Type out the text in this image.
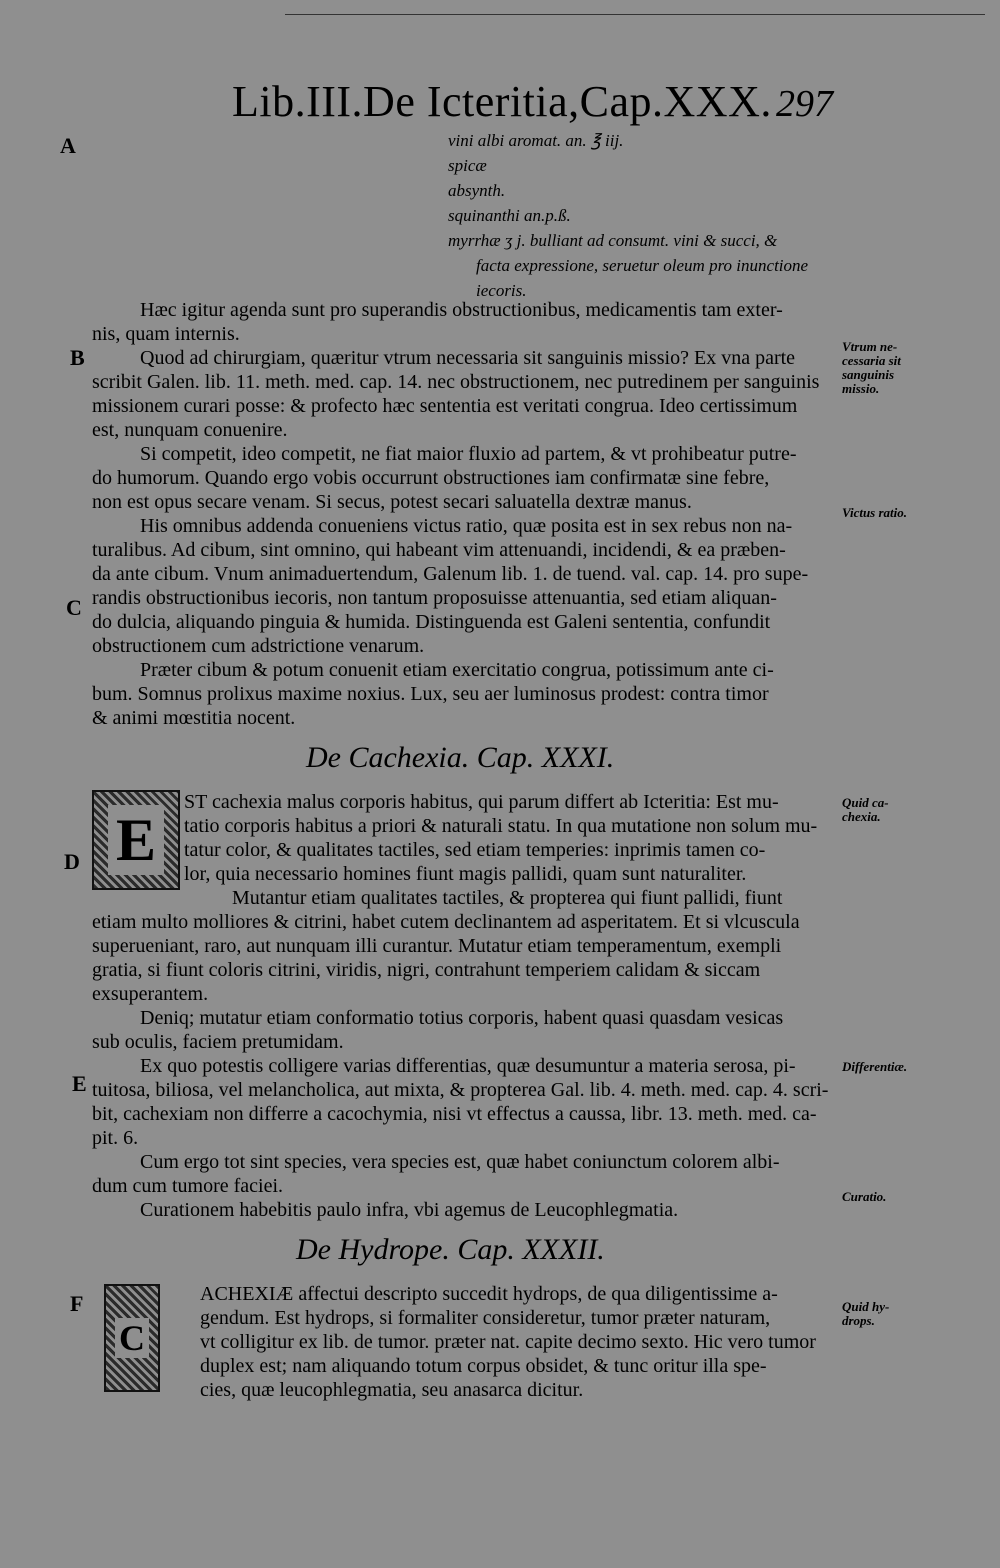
Lib.III.De Icteritia,Cap.XXX. 297
A
B
C
D
E
F
vini albi aromat. an. ℥ iij.
spicæ
absynth.
squinanthi an.p.ß.
myrrhæ ʒ j. bulliant ad consumt. vini & succi, &
facta expressione, seruetur oleum pro inunctione
iecoris.
Hæc igitur agenda sunt pro superandis obstructionibus, medicamentis tam exter-
nis, quam internis.
Quod ad chirurgiam, quæritur vtrum necessaria sit sanguinis missio? Ex vna parte
scribit Galen. lib. 11. meth. med. cap. 14. nec obstructionem, nec putredinem per sanguinis
missionem curari posse: & profecto hæc sententia est veritati congrua. Ideo certissimum
est, nunquam conuenire.
Si competit, ideo competit, ne fiat maior fluxio ad partem, & vt prohibeatur putre-
do humorum. Quando ergo vobis occurrunt obstructiones iam confirmatæ sine febre,
non est opus secare venam. Si secus, potest secari saluatella dextræ manus.
His omnibus addenda conueniens victus ratio, quæ posita est in sex rebus non na-
turalibus. Ad cibum, sint omnino, qui habeant vim attenuandi, incidendi, & ea præben-
da ante cibum. Vnum animaduertendum, Galenum lib. 1. de tuend. val. cap. 14. pro supe-
randis obstructionibus iecoris, non tantum proposuisse attenuantia, sed etiam aliquan-
do dulcia, aliquando pinguia & humida. Distinguenda est Galeni sententia, confundit
obstructionem cum adstrictione venarum.
Præter cibum & potum conuenit etiam exercitatio congrua, potissimum ante ci-
bum. Somnus prolixus maxime noxius. Lux, seu aer luminosus prodest: contra timor
& animi mœstitia nocent.
Vtrum ne-
cessaria sit
sanguinis
missio.
Victus ratio.
De Cachexia. Cap. XXXI.
E
ST cachexia malus corporis habitus, qui parum differt ab Icteritia: Est mu-
tatio corporis habitus a priori & naturali statu. In qua mutatione non solum mu-
tatur color, & qualitates tactiles, sed etiam temperies: inprimis tamen co-
lor, quia necessario homines fiunt magis pallidi, quam sunt naturaliter.
Mutantur etiam qualitates tactiles, & propterea qui fiunt pallidi, fiunt
etiam multo molliores & citrini, habet cutem declinantem ad asperitatem. Et si vlcuscula
superueniant, raro, aut nunquam illi curantur. Mutatur etiam temperamentum, exempli
gratia, si fiunt coloris citrini, viridis, nigri, contrahunt temperiem calidam & siccam
exsuperantem.
Deniq; mutatur etiam conformatio totius corporis, habent quasi quasdam vesicas
sub oculis, faciem pretumidam.
Ex quo potestis colligere varias differentias, quæ desumuntur a materia serosa, pi-
tuitosa, biliosa, vel melancholica, aut mixta, & propterea Gal. lib. 4. meth. med. cap. 4. scri-
bit, cachexiam non differre a cacochymia, nisi vt effectus a caussa, libr. 13. meth. med. ca-
pit. 6.
Cum ergo tot sint species, vera species est, quæ habet coniunctum colorem albi-
dum cum tumore faciei.
Curationem habebitis paulo infra, vbi agemus de Leucophlegmatia.
Quid ca-
chexia.
Differentiæ.
Curatio.
De Hydrope. Cap. XXXII.
C
ACHEXIÆ affectui descripto succedit hydrops, de qua diligentissime a-
gendum. Est hydrops, si formaliter consideretur, tumor præter naturam,
vt colligitur ex lib. de tumor. præter nat. capite decimo sexto. Hic vero tumor
duplex est; nam aliquando totum corpus obsidet, & tunc oritur illa spe-
cies, quæ leucophlegmatia, seu anasarca dicitur.
Quid hy-
drops.
